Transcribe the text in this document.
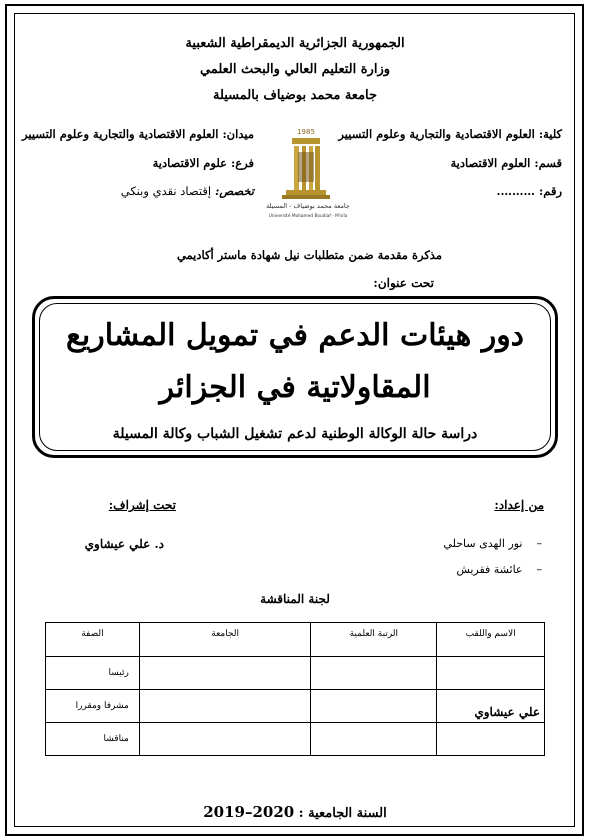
الجمهورية الجزائرية الديمقراطية الشعبية
وزارة التعليم العالي والبحث العلمي
جامعة محمد بوضياف بالمسيلة
كلية: العلوم الاقتصادية والتجارية وعلوم التسيير
قسم: العلوم الاقتصادية
رقم: ……….
ميدان: العلوم الاقتصادية والتجارية وعلوم التسيير
فرع: علوم الاقتصادية
تخصص: إقتصاد نقدي وبنكي
1985
جامعة محمد بوضياف - المسيلة
Université Mohamed Boudiaf - M'sila
مذكرة مقدمة ضمن متطلبات نيل شهادة ماستر أكاديمي
تحت عنوان:
دور هيئات الدعم في تمويل المشاريع
المقاولاتية في الجزائر
دراسة حالة الوكالة الوطنية لدعم تشغيل الشباب وكالة المسيلة
من إعداد:
–    نور الهدى ساحلي
–    عائشة فقريش
تحت إشراف:
د. علي عيشاوي
لجنة المناقشة
الاسم واللقب	الرتبة العلمية	الجامعة	الصفة
			رئيسا
علي عيشاوي			مشرفا ومقررا
			مناقشا
السنة الجامعية : 2020–2019
